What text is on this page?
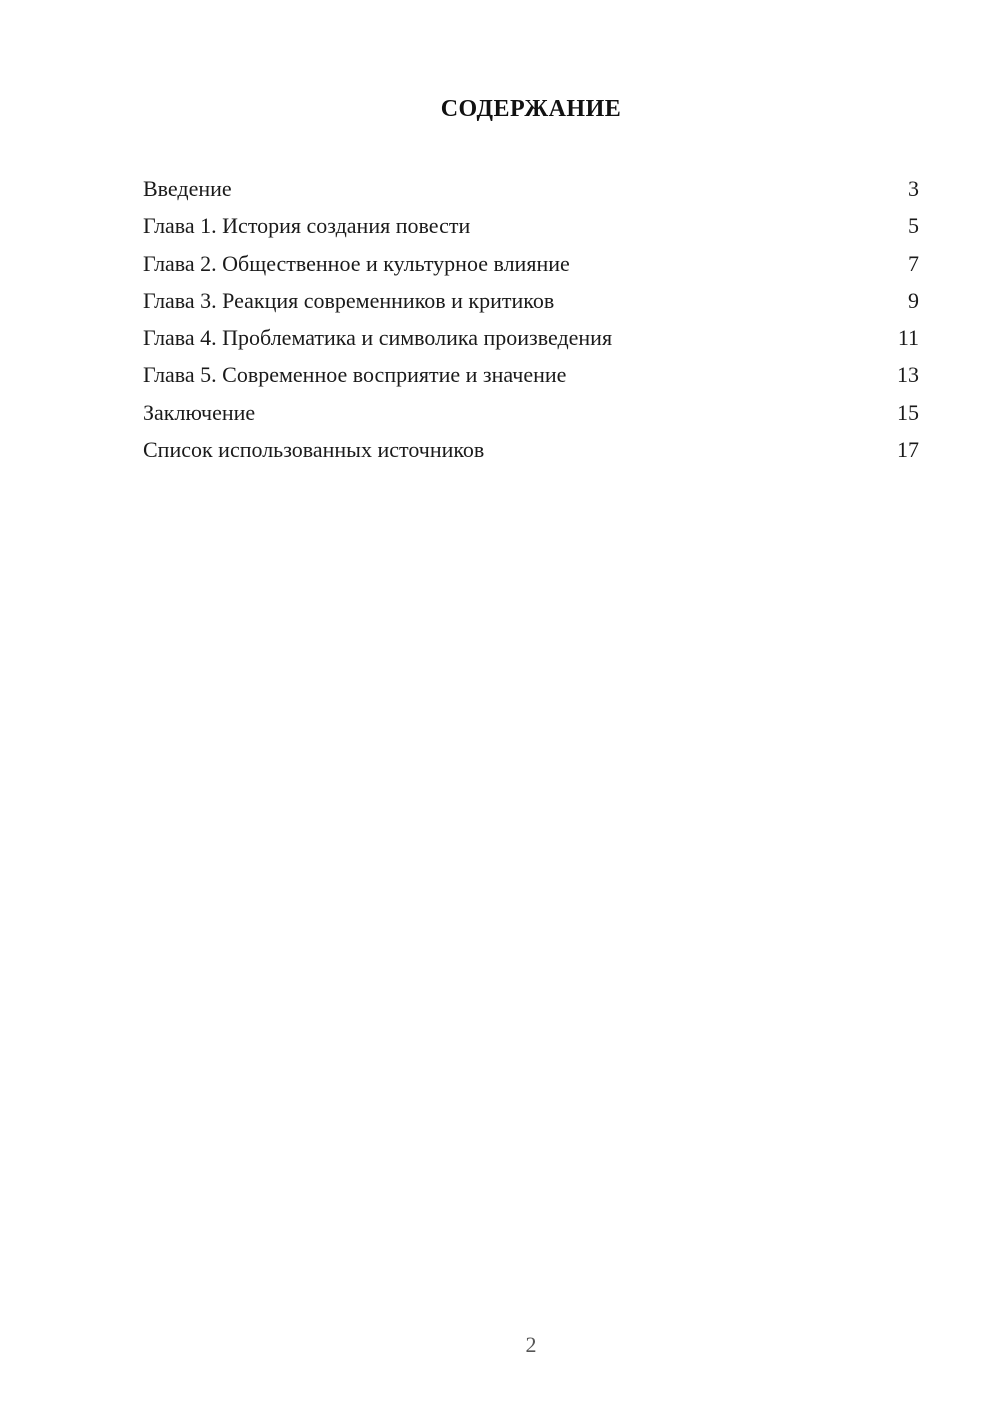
СОДЕРЖАНИЕ
Введение	3
Глава 1. История создания повести	5
Глава 2. Общественное и культурное влияние	7
Глава 3. Реакция современников и критиков	9
Глава 4. Проблематика и символика произведения	11
Глава 5. Современное восприятие и значение	13
Заключение	15
Список использованных источников	17
2
